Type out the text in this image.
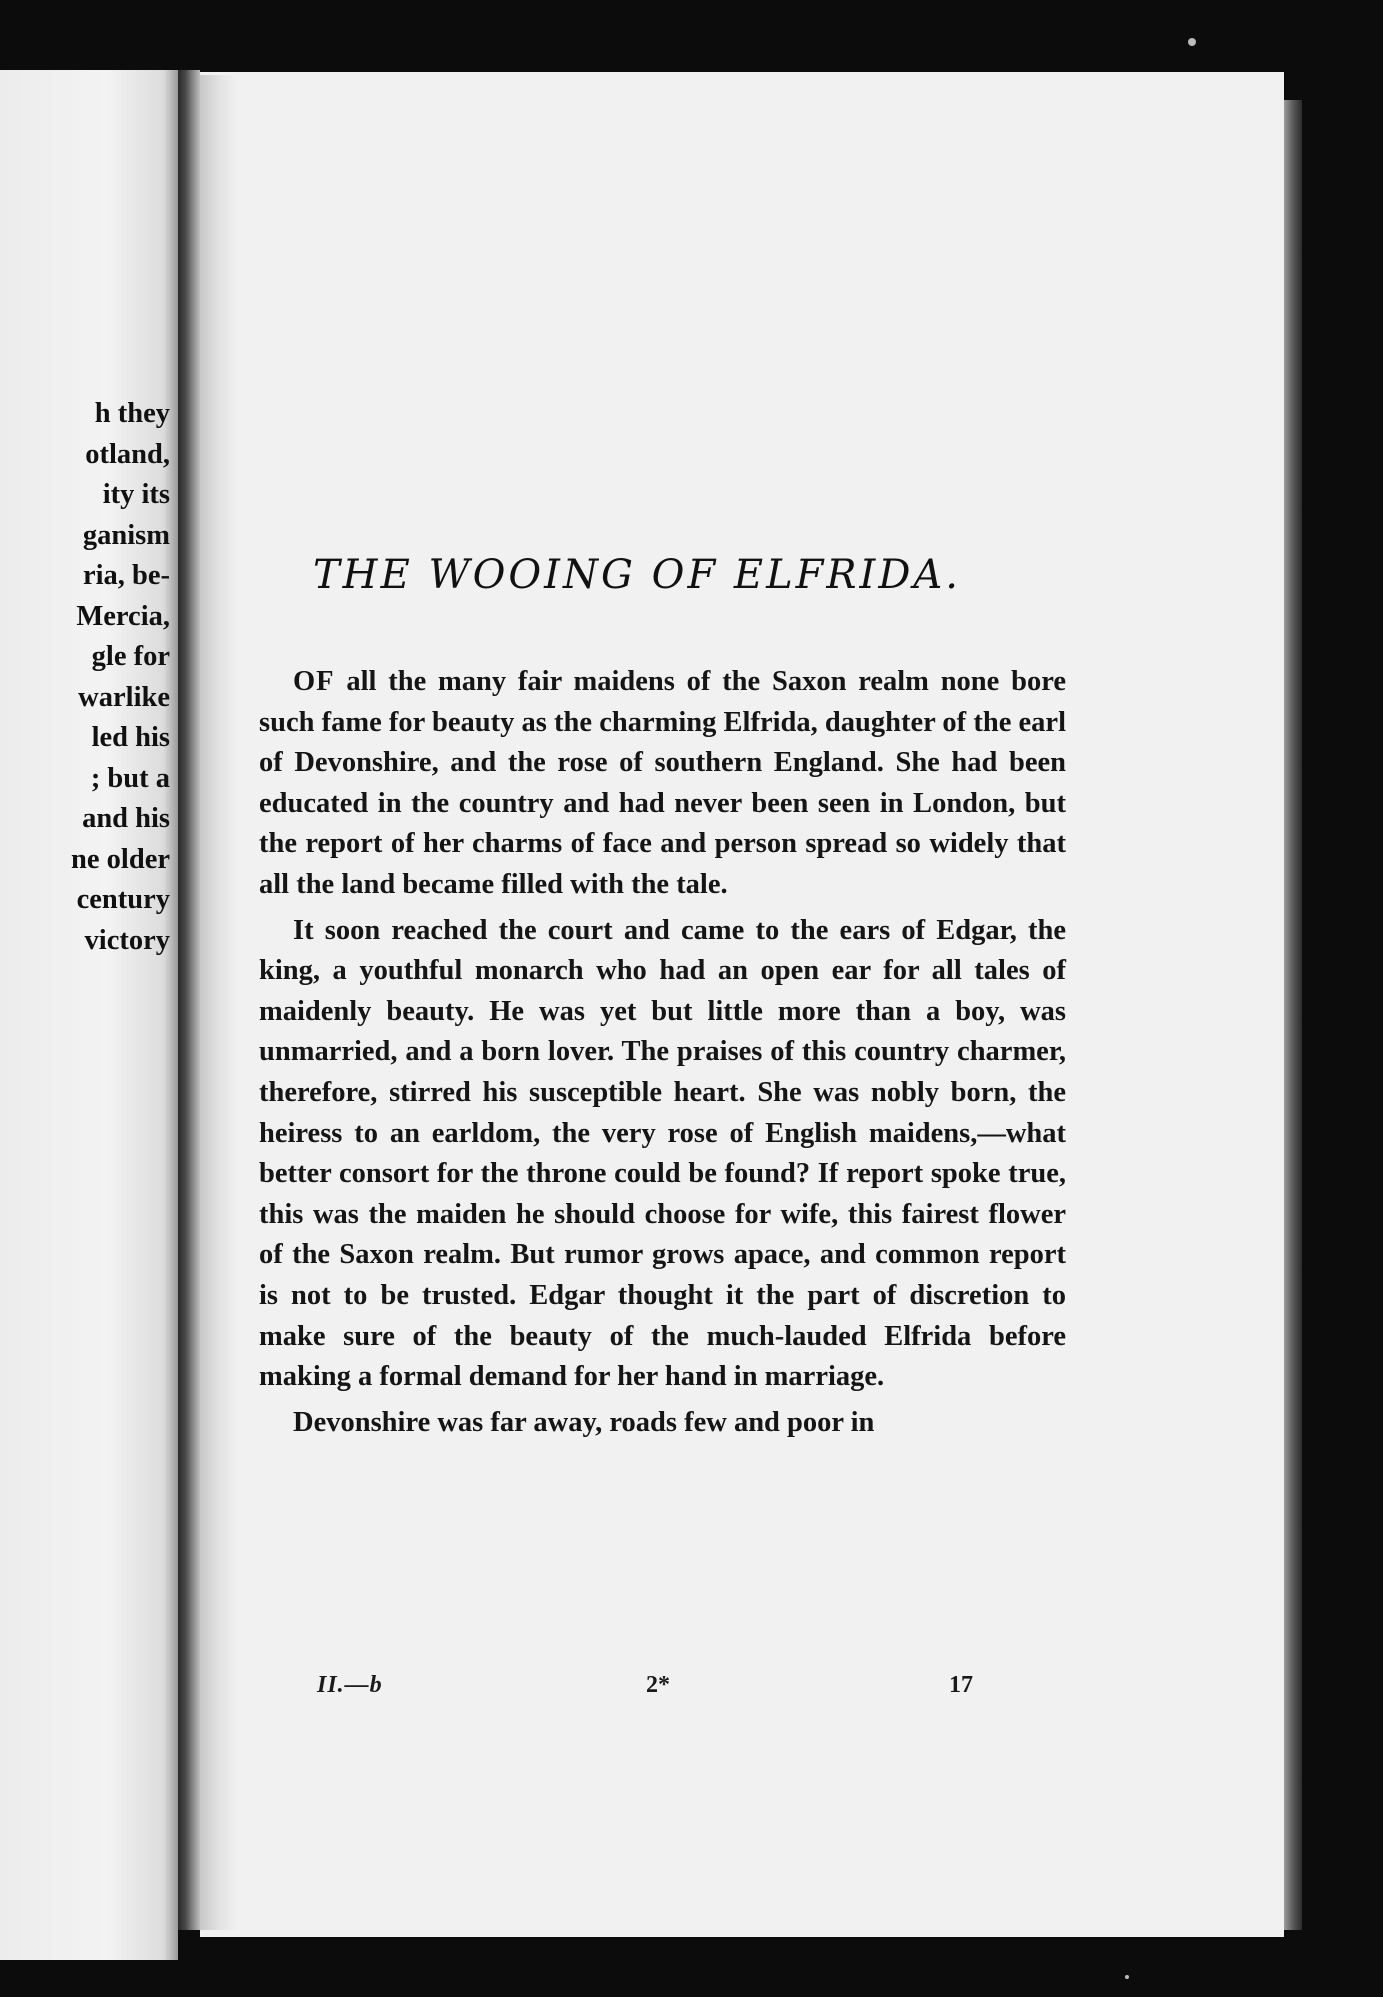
h they
otland,
ity its
ganism
ria, be-
Mercia,
gle for
warlike
led his
; but a
and his
ne older
century
victory
THE WOOING OF ELFRIDA.

OF all the many fair maidens of the Saxon realm none bore such fame for beauty as the charming Elfrida, daughter of the earl of Devonshire, and the rose of southern England. She had been educated in the country and had never been seen in London, but the report of her charms of face and person spread so widely that all the land became filled with the tale.

It soon reached the court and came to the ears of Edgar, the king, a youthful monarch who had an open ear for all tales of maidenly beauty. He was yet but little more than a boy, was unmarried, and a born lover. The praises of this country charmer, therefore, stirred his susceptible heart. She was nobly born, the heiress to an earldom, the very rose of English maidens,—what better consort for the throne could be found? If report spoke true, this was the maiden he should choose for wife, this fairest flower of the Saxon realm. But rumor grows apace, and common report is not to be trusted. Edgar thought it the part of discretion to make sure of the beauty of the much-lauded Elfrida before making a formal demand for her hand in marriage.

Devonshire was far away, roads few and poor in

II.—b	2*	17
